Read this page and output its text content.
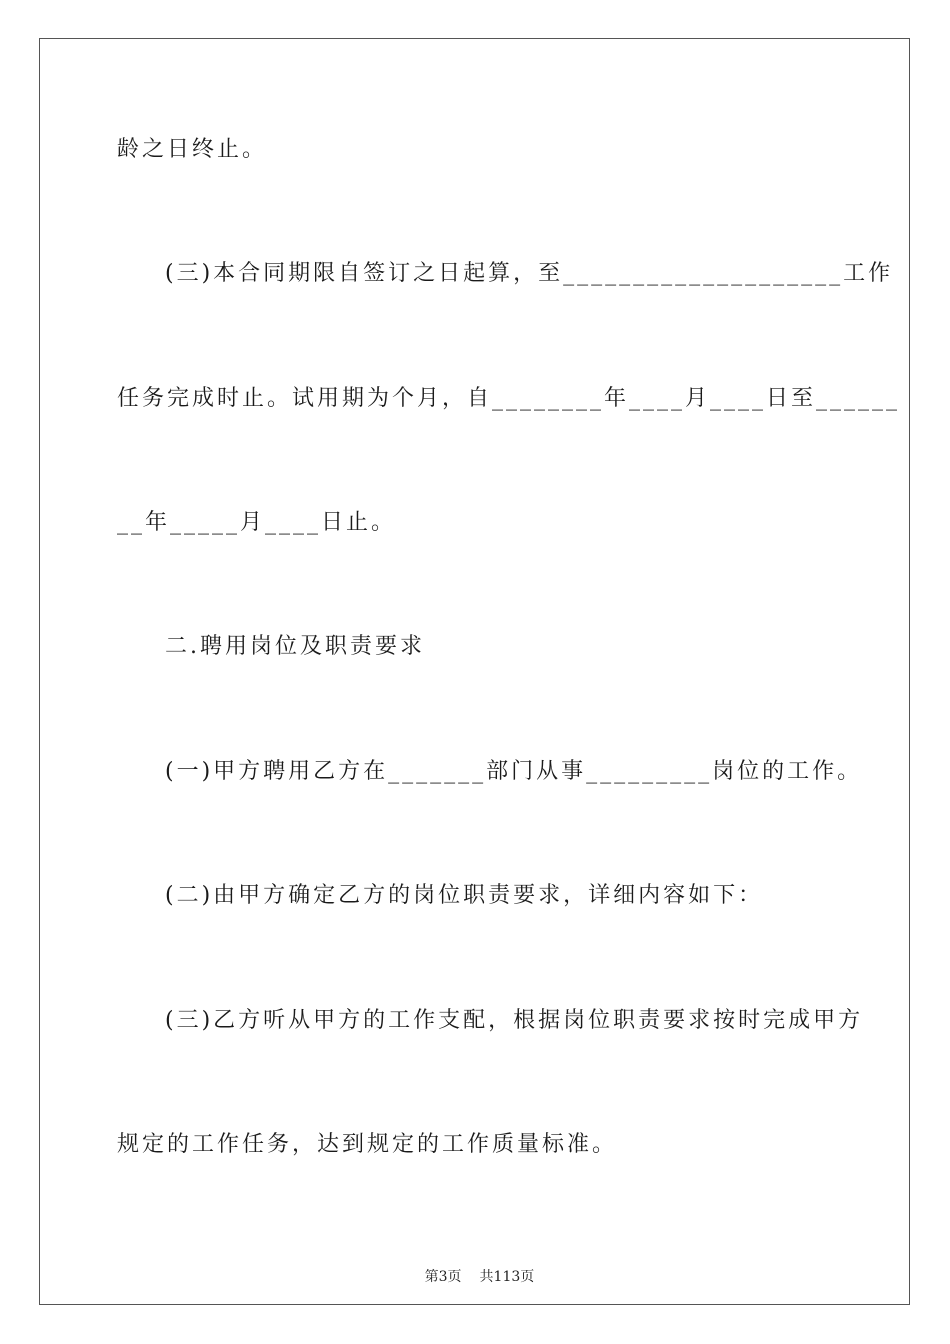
龄之日终止。
(三)本合同期限自签订之日起算，至____________________工作
任务完成时止。试用期为个月，自________年____月____日至______
__年_____月____日止。
二.聘用岗位及职责要求
(一)甲方聘用乙方在_______部门从事_________岗位的工作。
(二)由甲方确定乙方的岗位职责要求，详细内容如下：
(三)乙方听从甲方的工作支配，根据岗位职责要求按时完成甲方
规定的工作任务，达到规定的工作质量标准。

第3页 共113页
